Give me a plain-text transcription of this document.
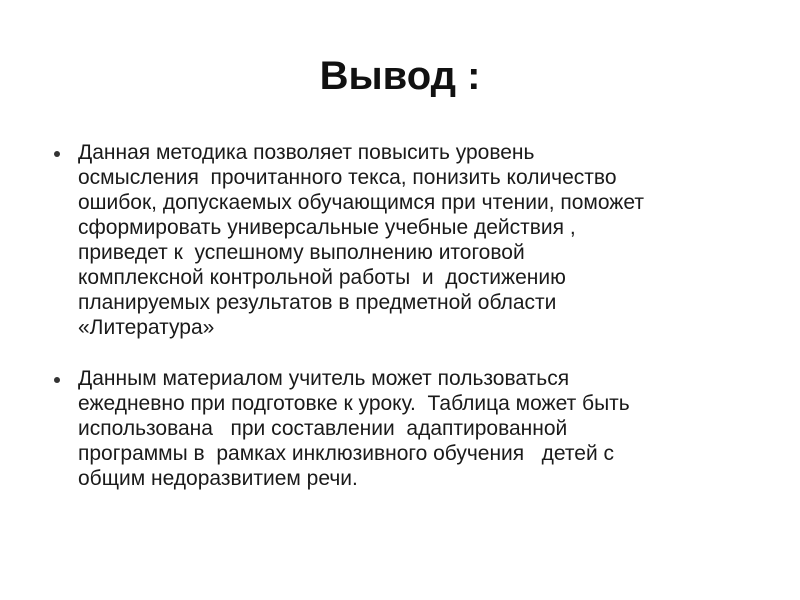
Вывод :
Данная методика позволяет повысить уровень
осмысления  прочитанного текса, понизить количество
ошибок, допускаемых обучающимся при чтении, поможет
сформировать универсальные учебные действия ,
приведет к  успешному выполнению итоговой
комплексной контрольной работы  и  достижению
планируемых результатов в предметной области
«Литература»
Данным материалом учитель может пользоваться
ежедневно при подготовке к уроку.  Таблица может быть
использована   при составлении  адаптированной
программы в  рамках инклюзивного обучения   детей с
общим недоразвитием речи.
